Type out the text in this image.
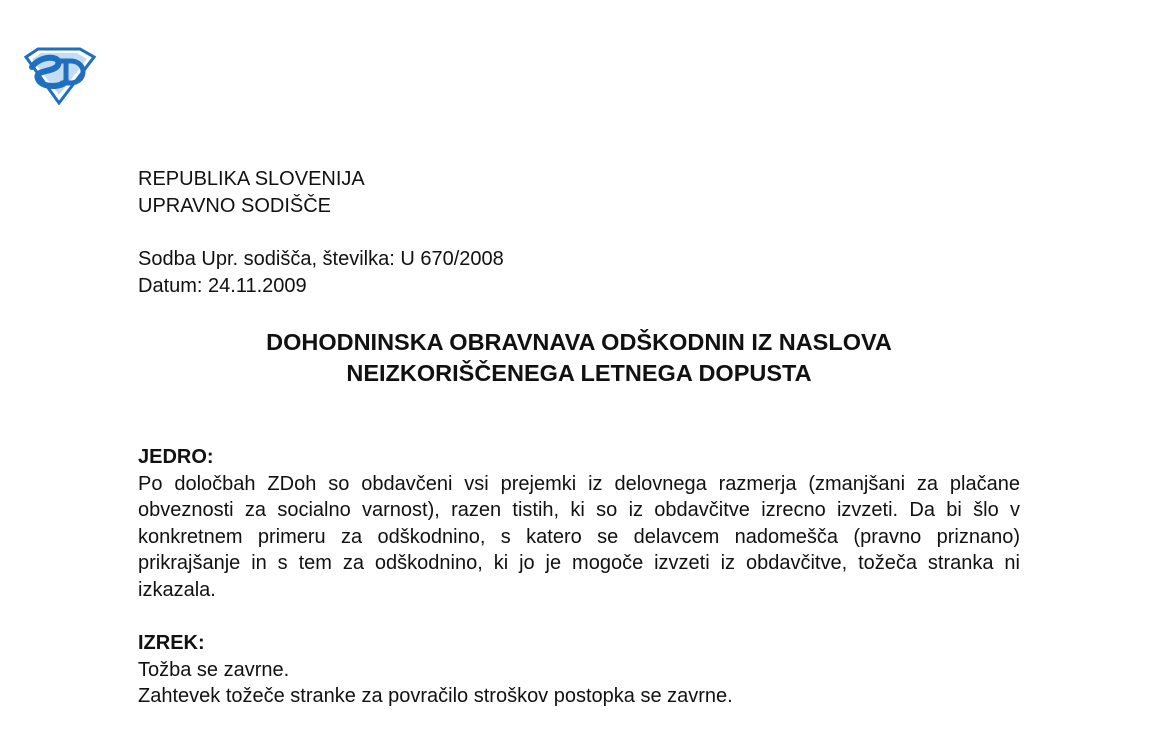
REPUBLIKA SLOVENIJA
UPRAVNO SODIŠČE
Sodba Upr. sodišča, številka: U 670/2008
Datum: 24.11.2009
DOHODNINSKA OBRAVNAVA ODŠKODNIN IZ NASLOVA
NEIZKORIŠČENEGA LETNEGA DOPUSTA
JEDRO:

Po določbah ZDoh so obdavčeni vsi prejemki iz delovnega razmerja (zmanjšani za plačane obveznosti za socialno varnost), razen tistih, ki so iz obdavčitve izrecno izvzeti. Da bi šlo v konkretnem primeru za odškodnino, s katero se delavcem nadomešča (pravno priznano) prikrajšanje in s tem za odškodnino, ki jo je mogoče izvzeti iz obdavčitve, tožeča stranka ni izkazala.

IZREK:
Tožba se zavrne.
Zahtevek tožeče stranke za povračilo stroškov postopka se zavrne.
